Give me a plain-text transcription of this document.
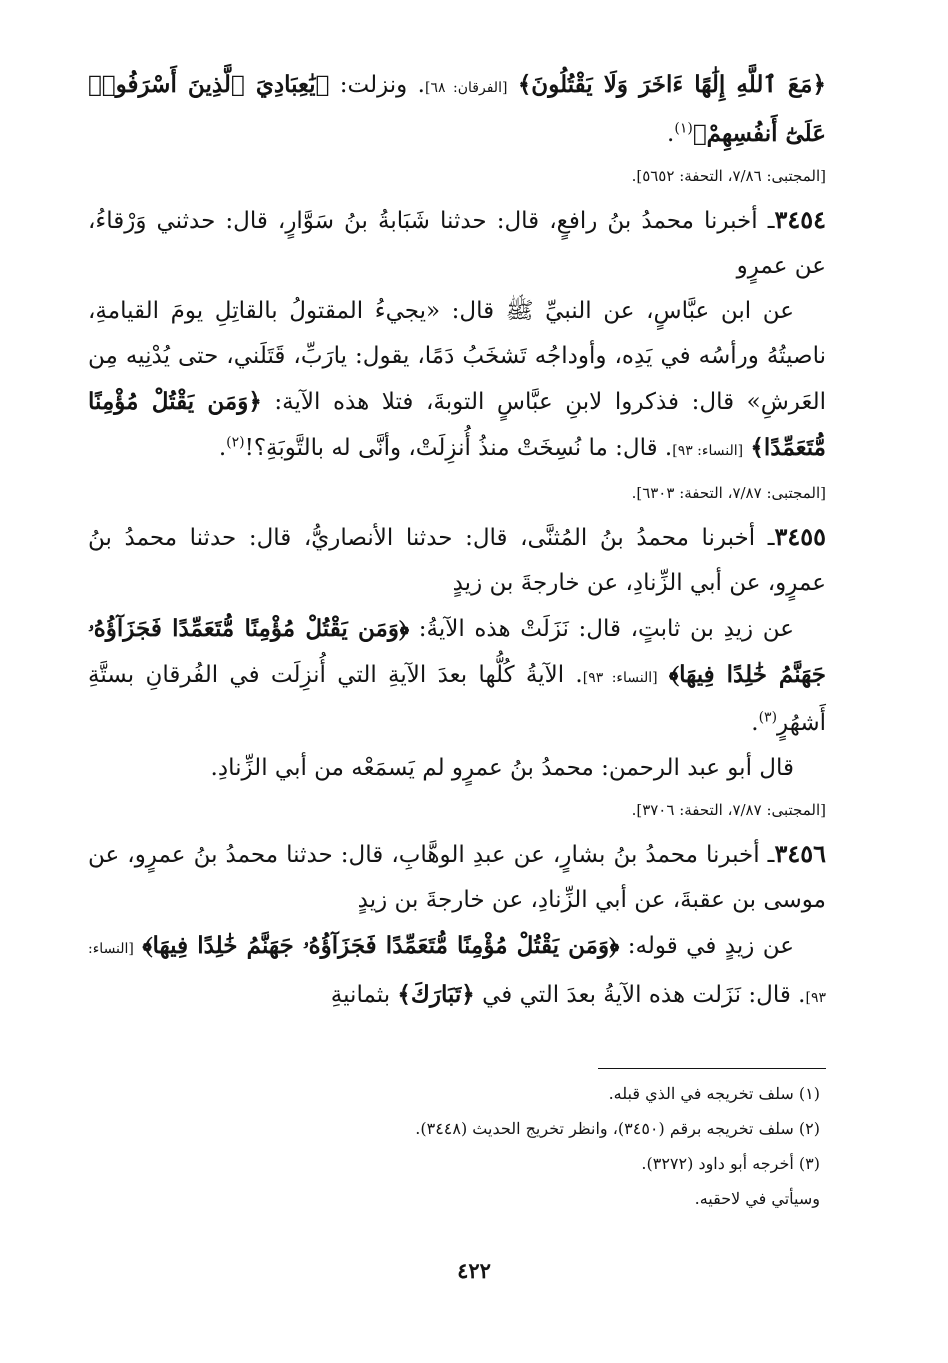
﴿مَعَ ٱللَّهِ إِلَٰهًا ءَاخَرَ وَلَا يَقْتُلُونَ﴾ [الفرقان: ٦٨]. ونزلت: ﴿يَٰعِبَادِيَ ٱلَّذِينَ أَسْرَفُوا۟ عَلَىٰٓ أَنفُسِهِمْ﴾$^{(١)}$.

[المجتبى: ٧/٨٦، التحفة: ٥٦٥٢].

٣٤٥٤ـ أخبرنا محمدُ بنُ رافعٍ، قال: حدثنا شَبَابةُ بنُ سَوَّارٍ، قال: حدثني وَرْقاءُ، عن عمرٍو

عن ابن عبَّاسٍ، عن النبيِّ ﷺ قال: «يجيءُ المقتولُ بالقاتِلِ يومَ القيامةِ، ناصيتُهُ ورأسُه في يَدِه، وأوداجُه تَشخَبُ دَمًا، يقول: يارَبِّ، قَتَلَني، حتى يُدْنِيه مِن العَرشِ» قال: فذكروا لابنِ عبَّاسٍ التوبةَ، فتلا هذه الآية: ﴿وَمَن يَقْتُلْ مُؤْمِنًا مُّتَعَمِّدًا﴾ [النساء: ٩٣]. قال: ما نُسِخَتْ منذُ أُنزِلَتْ، وأنَّى له بالتَّوبَةِ؟!$^{(٢)}$.

[المجتبى: ٧/٨٧، التحفة: ٦٣٠٣].

٣٤٥٥ـ أخبرنا محمدُ بنُ المُثنَّى، قال: حدثنا الأنصاريُّ، قال: حدثنا محمدُ بنُ عمرٍو، عن أبي الزِّنادِ، عن خارجةَ بن زيدٍ

عن زيدِ بن ثابتٍ، قال: نَزَلَتْ هذه الآيةُ: ﴿وَمَن يَقْتُلْ مُؤْمِنًا مُّتَعَمِّدًا فَجَزَآؤُهُۥ جَهَنَّمُ خَٰلِدًا فِيهَا﴾ [النساء: ٩٣]. الآيةُ كُلُّها بعدَ الآيةِ التي أُنزِلَت في الفُرقانِ بستَّةِ أَشهُرٍ$^{(٣)}$.

قال أبو عبد الرحمن: محمدُ بنُ عمرٍو لم يَسمَعْه من أبي الزِّنادِ.

[المجتبى: ٧/٨٧، التحفة: ٣٧٠٦].

٣٤٥٦ـ أخبرنا محمدُ بنُ بشارٍ، عن عبدِ الوهَّابِ، قال: حدثنا محمدُ بنُ عمرٍو، عن موسى بن عقبةَ، عن أبي الزِّنادِ، عن خارجةَ بن زيدٍ

عن زيدٍ في قوله: ﴿وَمَن يَقْتُلْ مُؤْمِنًا مُّتَعَمِّدًا فَجَزَآؤُهُۥ جَهَنَّمُ خَٰلِدًا فِيهَا﴾ [النساء: ٩٣]. قال: نَزَلت هذه الآيةُ بعدَ التي في ﴿تَبَارَكَ﴾ بثمانيةِ

(١) سلف تخريجه في الذي قبله.

(٢) سلف تخريجه برقم (٣٤٥٠)، وانظر تخريج الحديث (٣٤٤٨).

(٣) أخرجه أبو داود (٣٢٧٢).

وسيأتي في لاحقيه.

٤٢٢
